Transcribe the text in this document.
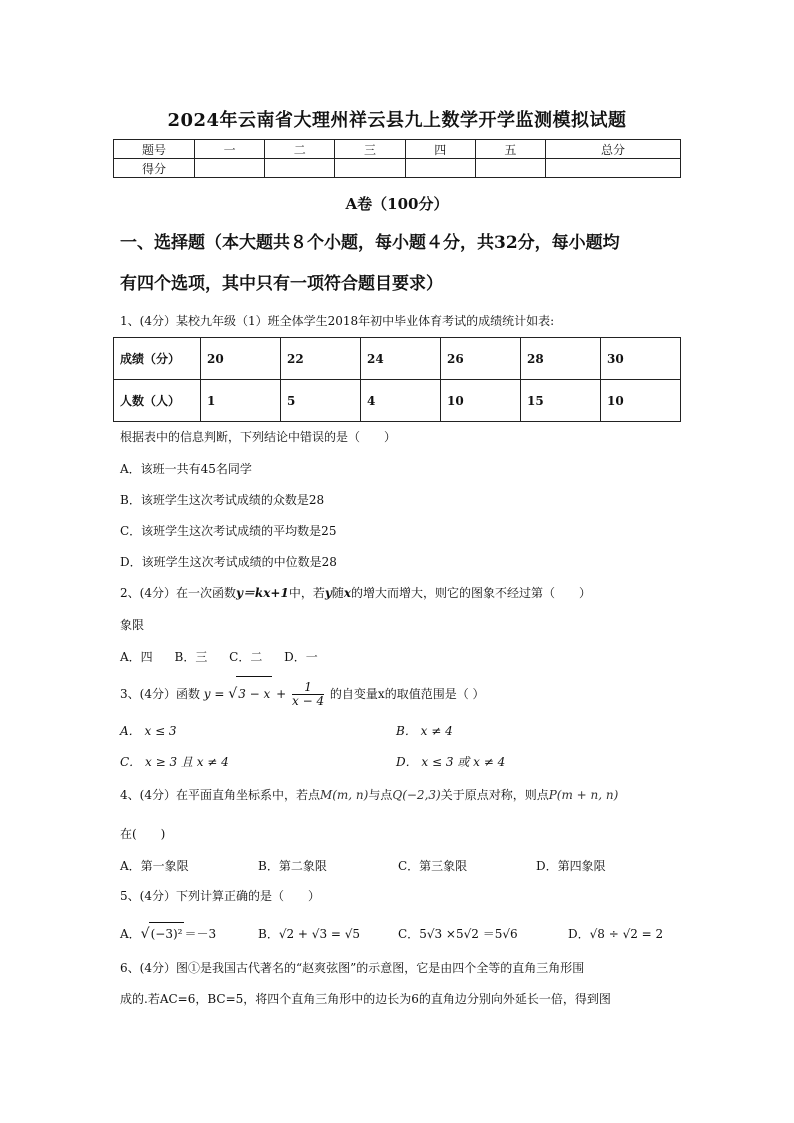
2024年云南省大理州祥云县九上数学开学监测模拟试题
题号	一	二	三	四	五	总分
得分						
A卷（100分）
一、选择题（本大题共８个小题，每小题４分，共32分，每小题均
有四个选项，其中只有一项符合题目要求）
1、(4分）某校九年级（1）班全体学生2018年初中毕业体育考试的成绩统计如表:
成绩（分）	20	22	24	26	28	30
人数（人）	1	5	4	10	15	10
根据表中的信息判断，下列结论中错误的是（　　）
A．该班一共有45名同学
B．该班学生这次考试成绩的众数是28
C．该班学生这次考试成绩的平均数是25
D．该班学生这次考试成绩的中位数是28
2、(4分）在一次函数y＝kx+1中，若y随x的增大而增大，则它的图象不经过第（　　）
象限
A．四 B．三 C．二 D．一
3、(4分）函数 $y = √3 - x + \frac{1}{x - 4}$ 的自变量x的取值范围是（ ）
A． x ≤ 3	B． x ≠ 4
C． x ≥ 3 且 x ≠ 4	D． x ≤ 3 或 x ≠ 4
4、(4分）在平面直角坐标系中，若点M(m, n)与点Q(−2,3)关于原点对称，则点P(m + n, n)
在(　　)
A．第一象限	B．第二象限	C．第三象限	D．第四象限
5、(4分）下列计算正确的是（　　）
A．√(−3)² ＝－3	B．√2 + √3 = √5	C．5√3 ×5√2 ＝5√6	D．√8 ÷ √2 = 2
6、(4分）图①是我国古代著名的“赵爽弦图”的示意图，它是由四个全等的直角三角形围
成的.若AC=6，BC=5，将四个直角三角形中的边长为6的直角边分别向外延长一倍，得到图
